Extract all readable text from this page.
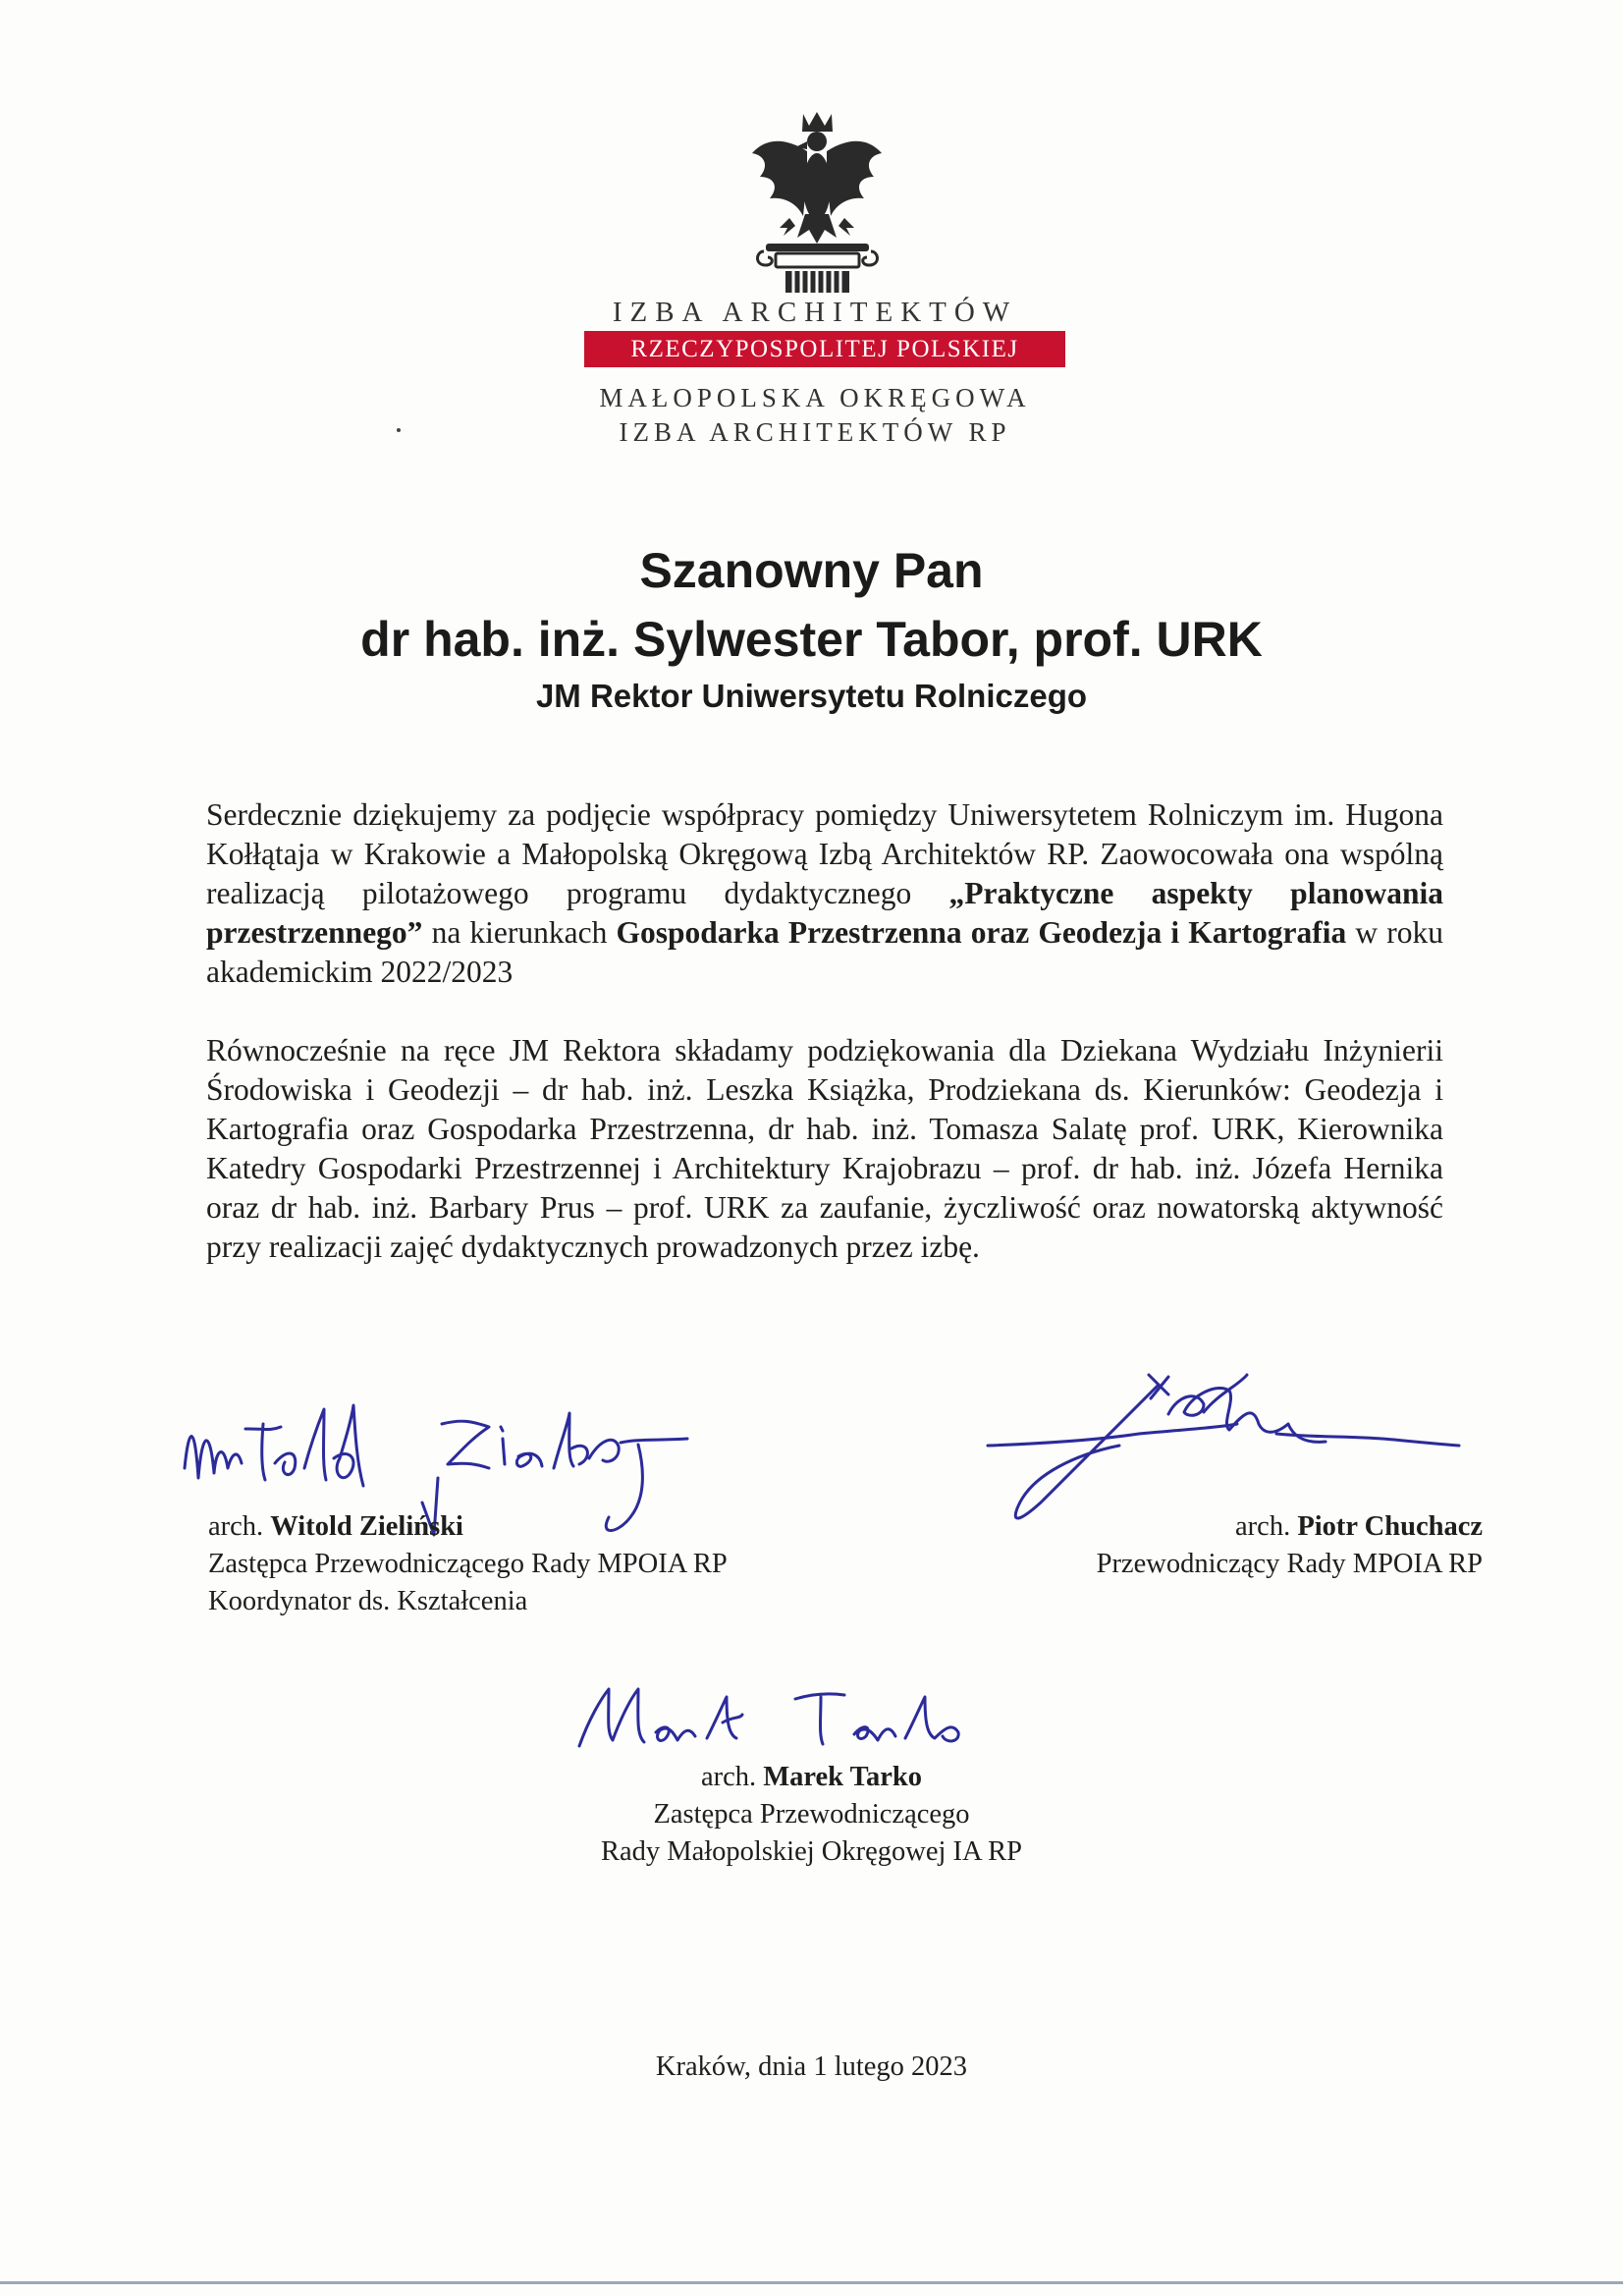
IZBA ARCHITEKTÓW
RZECZYPOSPOLITEJ POLSKIEJ
MAŁOPOLSKA OKRĘGOWA
IZBA ARCHITEKTÓW RP
Szanowny Pan
dr hab. inż. Sylwester Tabor, prof. URK
JM Rektor Uniwersytetu Rolniczego
Serdecznie dziękujemy za podjęcie współpracy pomiędzy Uniwersytetem Rolniczym im. Hugona Kołłątaja w Krakowie a Małopolską Okręgową Izbą Architektów RP. Zaowocowała ona wspólną realizacją pilotażowego programu dydaktycznego „Praktyczne aspekty planowania przestrzennego” na kierunkach Gospodarka Przestrzenna oraz Geodezja i Kartografia w roku akademickim 2022/2023
Równocześnie na ręce JM Rektora składamy podziękowania dla Dziekana Wydziału Inżynierii Środowiska i Geodezji – dr hab. inż. Leszka Książka, Prodziekana ds. Kierunków: Geodezja i Kartografia oraz Gospodarka Przestrzenna, dr hab. inż. Tomasza Salatę prof. URK, Kierownika Katedry Gospodarki Przestrzennej i Architektury Krajobrazu – prof. dr hab. inż. Józefa Hernika oraz dr hab. inż. Barbary Prus – prof. URK za zaufanie, życzliwość oraz nowatorską aktywność przy realizacji zajęć dydaktycznych prowadzonych przez izbę.
arch. Witold Zieliński
Zastępca Przewodniczącego Rady MPOIA RP
Koordynator ds. Kształcenia
arch. Piotr Chuchacz
Przewodniczący Rady MPOIA RP
arch. Marek Tarko
Zastępca Przewodniczącego
Rady Małopolskiej Okręgowej IA RP
Kraków, dnia 1 lutego 2023
